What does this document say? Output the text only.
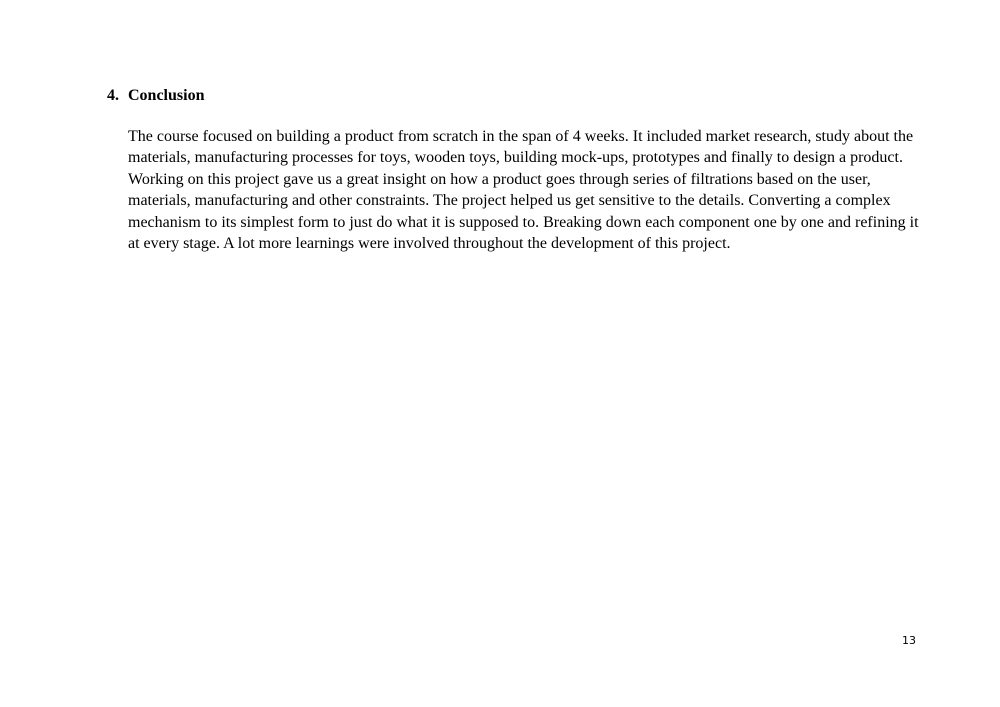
4. Conclusion

The course focused on building a product from scratch in the span of 4 weeks. It included market research, study about the materials, manufacturing processes for toys, wooden toys, building mock-ups, prototypes and finally to design a product.

Working on this project gave us a great insight on how a product goes through series of filtrations based on the user, materials, manufacturing and other constraints. The project helped us get sensitive to the details. Converting a complex mechanism to its simplest form to just do what it is supposed to. Breaking down each component one by one and refining it at every stage. A lot more learnings were involved throughout the development of this project.

13
